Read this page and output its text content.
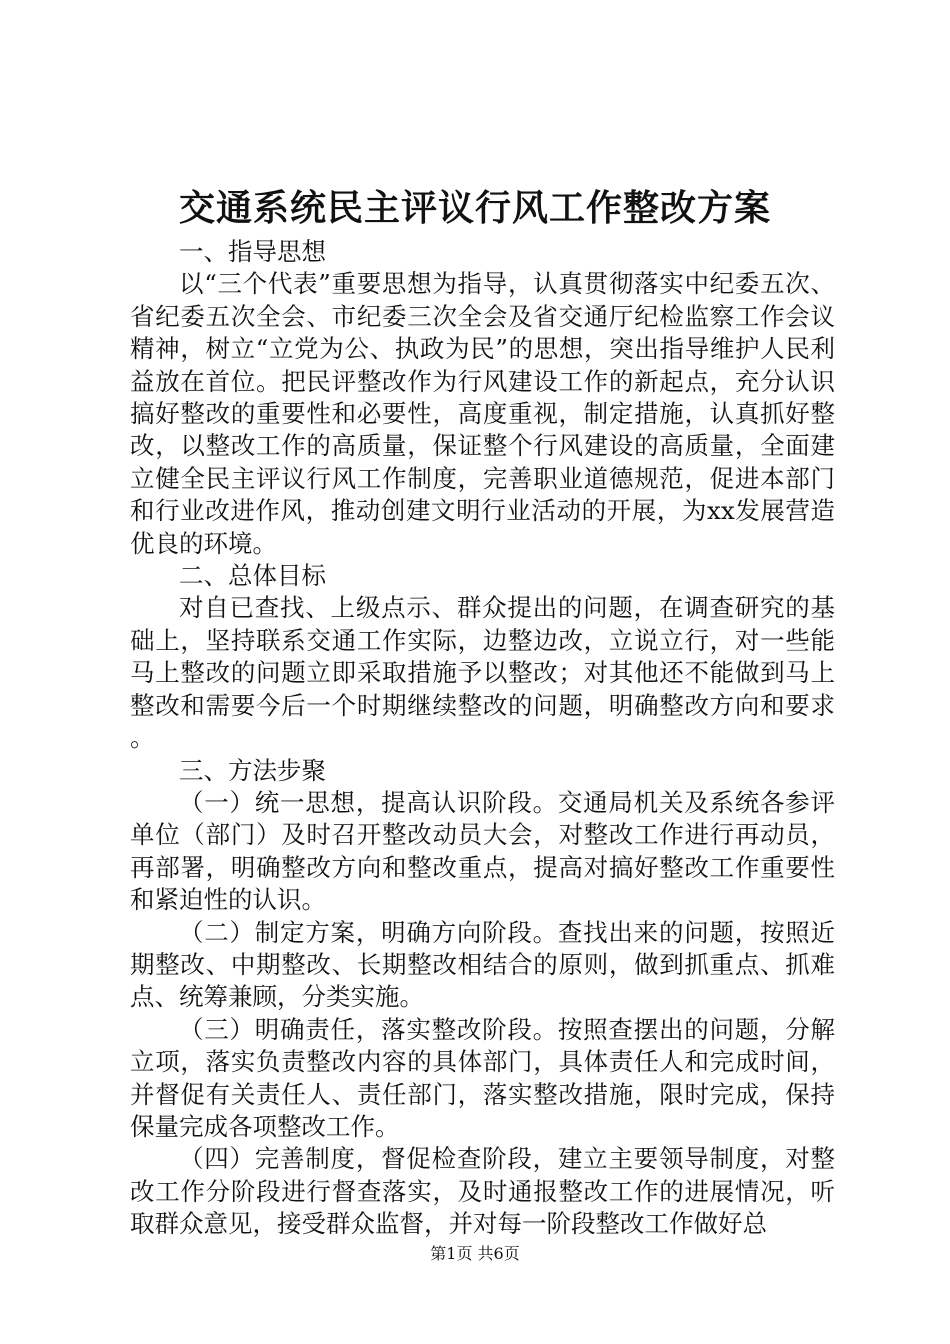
交通系统民主评议行风工作整改方案

一、指导思想

以“三个代表”重要思想为指导，认真贯彻落实中纪委五次、省纪委五次全会、市纪委三次全会及省交通厅纪检监察工作会议精神，树立“立党为公、执政为民”的思想，突出指导维护人民利益放在首位。把民评整改作为行风建设工作的新起点，充分认识搞好整改的重要性和必要性，高度重视，制定措施，认真抓好整改，以整改工作的高质量，保证整个行风建设的高质量，全面建立健全民主评议行风工作制度，完善职业道德规范，促进本部门和行业改进作风，推动创建文明行业活动的开展，为xx发展营造优良的环境。

二、总体目标

对自已查找、上级点示、群众提出的问题，在调查研究的基础上，坚持联系交通工作实际，边整边改，立说立行，对一些能马上整改的问题立即采取措施予以整改；对其他还不能做到马上整改和需要今后一个时期继续整改的问题，明确整改方向和要求。

三、方法步聚

（一）统一思想，提高认识阶段。交通局机关及系统各参评单位（部门）及时召开整改动员大会，对整改工作进行再动员，再部署，明确整改方向和整改重点，提高对搞好整改工作重要性和紧迫性的认识。

（二）制定方案，明确方向阶段。查找出来的问题，按照近期整改、中期整改、长期整改相结合的原则，做到抓重点、抓难点、统筹兼顾，分类实施。

（三）明确责任，落实整改阶段。按照查摆出的问题，分解立项，落实负责整改内容的具体部门，具体责任人和完成时间，并督促有关责任人、责任部门，落实整改措施，限时完成，保持保量完成各项整改工作。

（四）完善制度，督促检查阶段，建立主要领导制度，对整改工作分阶段进行督查落实，及时通报整改工作的进展情况，听取群众意见，接受群众监督，并对每一阶段整改工作做好总

第1页 共6页
